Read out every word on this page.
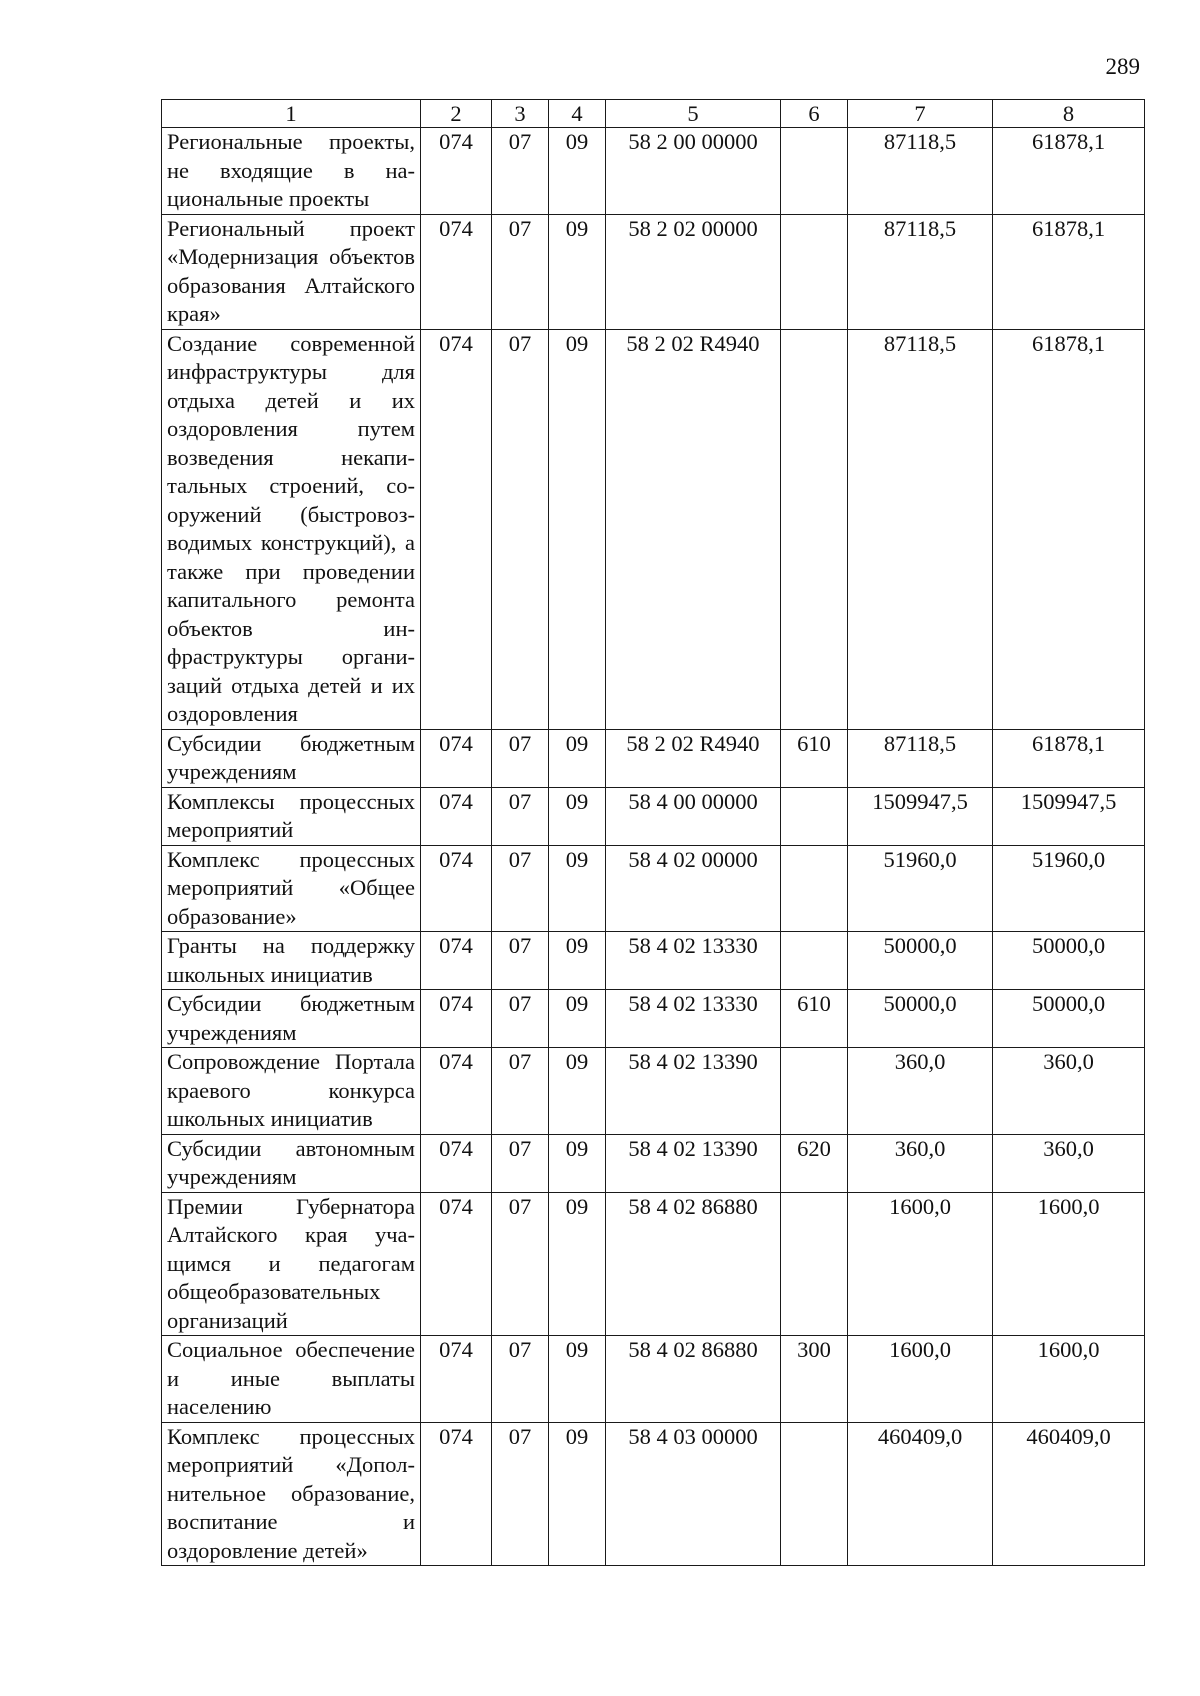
289
1	2	3	4	5	6	7	8
Региональные проекты, не входящие в национальные проекты	074	07	09	58 2 00 00000		87118,5	61878,1
Региональный проект «Модернизация объектов образования Алтайского края»	074	07	09	58 2 02 00000		87118,5	61878,1
Создание современной инфраструктуры для отдыха детей и их оздоровления путем возведения некапитальных строений, сооружений (быстровозводимых конструкций), а также при проведении капитального ремонта объектов инфраструктуры организаций отдыха детей и их оздоровления	074	07	09	58 2 02 R4940		87118,5	61878,1
Субсидии бюджетным учреждениям	074	07	09	58 2 02 R4940	610	87118,5	61878,1
Комплексы процессных мероприятий	074	07	09	58 4 00 00000		1509947,5	1509947,5
Комплекс процессных мероприятий «Общее образование»	074	07	09	58 4 02 00000		51960,0	51960,0
Гранты на поддержку школьных инициатив	074	07	09	58 4 02 13330		50000,0	50000,0
Субсидии бюджетным учреждениям	074	07	09	58 4 02 13330	610	50000,0	50000,0
Сопровождение Портала краевого конкурса школьных инициатив	074	07	09	58 4 02 13390		360,0	360,0
Субсидии автономным учреждениям	074	07	09	58 4 02 13390	620	360,0	360,0
Премии Губернатора Алтайского края учащимся и педагогам общеобразовательных организаций	074	07	09	58 4 02 86880		1600,0	1600,0
Социальное обеспечение и иные выплаты населению	074	07	09	58 4 02 86880	300	1600,0	1600,0
Комплекс процессных мероприятий «Дополнительное образование, воспитание и оздоровление детей»	074	07	09	58 4 03 00000		460409,0	460409,0
